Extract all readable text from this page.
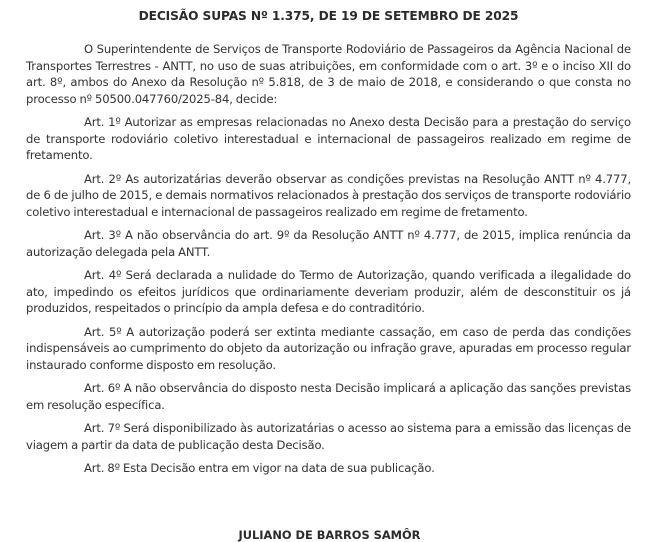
DECISÃO SUPAS Nº 1.375, DE 19 DE SETEMBRO DE 2025

O Superintendente de Serviços de Transporte Rodoviário de Passageiros da Agência Nacional de Transportes Terrestres - ANTT, no uso de suas atribuições, em conformidade com o art. 3º e o inciso XII do art. 8º, ambos do Anexo da Resolução nº 5.818, de 3 de maio de 2018, e considerando o que consta no processo nº 50500.047760/2025-84, decide:

Art. 1º Autorizar as empresas relacionadas no Anexo desta Decisão para a prestação do serviço de transporte rodoviário coletivo interestadual e internacional de passageiros realizado em regime de fretamento.

Art. 2º As autorizatárias deverão observar as condições previstas na Resolução ANTT nº 4.777, de 6 de julho de 2015, e demais normativos relacionados à prestação dos serviços de transporte rodoviário coletivo interestadual e internacional de passageiros realizado em regime de fretamento.

Art. 3º A não observância do art. 9º da Resolução ANTT nº 4.777, de 2015, implica renúncia da autorização delegada pela ANTT.

Art. 4º Será declarada a nulidade do Termo de Autorização, quando verificada a ilegalidade do ato, impedindo os efeitos jurídicos que ordinariamente deveriam produzir, além de desconstituir os já produzidos, respeitados o princípio da ampla defesa e do contraditório.

Art. 5º A autorização poderá ser extinta mediante cassação, em caso de perda das condições indispensáveis ao cumprimento do objeto da autorização ou infração grave, apuradas em processo regular instaurado conforme disposto em resolução.

Art. 6º A não observância do disposto nesta Decisão implicará a aplicação das sanções previstas em resolução específica.

Art. 7º Será disponibilizado às autorizatárias o acesso ao sistema para a emissão das licenças de viagem a partir da data de publicação desta Decisão.

Art. 8º Esta Decisão entra em vigor na data de sua publicação.

JULIANO DE BARROS SAMÔR
